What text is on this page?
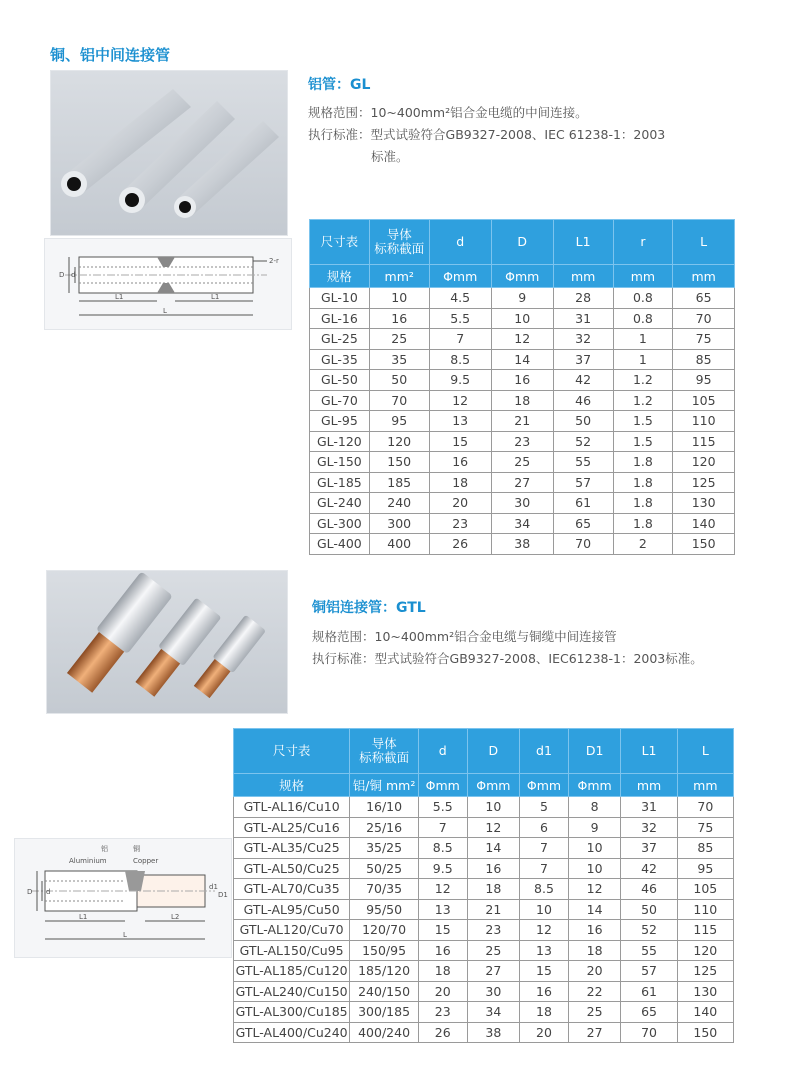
铜、铝中间连接管
D d
2-r
L1	L1
L
铝管：GL
规格范围：10~400mm²铝合金电缆的中间连接。
执行标准：型式试验符合GB9327-2008、IEC 61238-1：2003
标准。
尺寸表	导体
标称截面	d	D	L1	r	L
规格	mm²	Φmm	Φmm	mm	mm	mm
GL-10	10	4.5	9	28	0.8	65
GL-16	16	5.5	10	31	0.8	70
GL-25	25	7	12	32	1	75
GL-35	35	8.5	14	37	1	85
GL-50	50	9.5	16	42	1.2	95
GL-70	70	12	18	46	1.2	105
GL-95	95	13	21	50	1.5	110
GL-120	120	15	23	52	1.5	115
GL-150	150	16	25	55	1.8	120
GL-185	185	18	27	57	1.8	125
GL-240	240	20	30	61	1.8	130
GL-300	300	23	34	65	1.8	140
GL-400	400	26	38	70	2	150
铝	铜
Aluminium	Copper
D d
d1
D1
L1	L2
L
铜铝连接管：GTL
规格范围：10~400mm²铝合金电缆与铜缆中间连接管
执行标准：型式试验符合GB9327-2008、IEC61238-1：2003标准。
尺寸表	导体
标称截面	d	D	d1	D1	L1	L
规格	铝/铜 mm²	Φmm	Φmm	Φmm	Φmm	mm	mm
GTL-AL16/Cu10	16/10	5.5	10	5	8	31	70
GTL-AL25/Cu16	25/16	7	12	6	9	32	75
GTL-AL35/Cu25	35/25	8.5	14	7	10	37	85
GTL-AL50/Cu25	50/25	9.5	16	7	10	42	95
GTL-AL70/Cu35	70/35	12	18	8.5	12	46	105
GTL-AL95/Cu50	95/50	13	21	10	14	50	110
GTL-AL120/Cu70	120/70	15	23	12	16	52	115
GTL-AL150/Cu95	150/95	16	25	13	18	55	120
GTL-AL185/Cu120	185/120	18	27	15	20	57	125
GTL-AL240/Cu150	240/150	20	30	16	22	61	130
GTL-AL300/Cu185	300/185	23	34	18	25	65	140
GTL-AL400/Cu240	400/240	26	38	20	27	70	150
